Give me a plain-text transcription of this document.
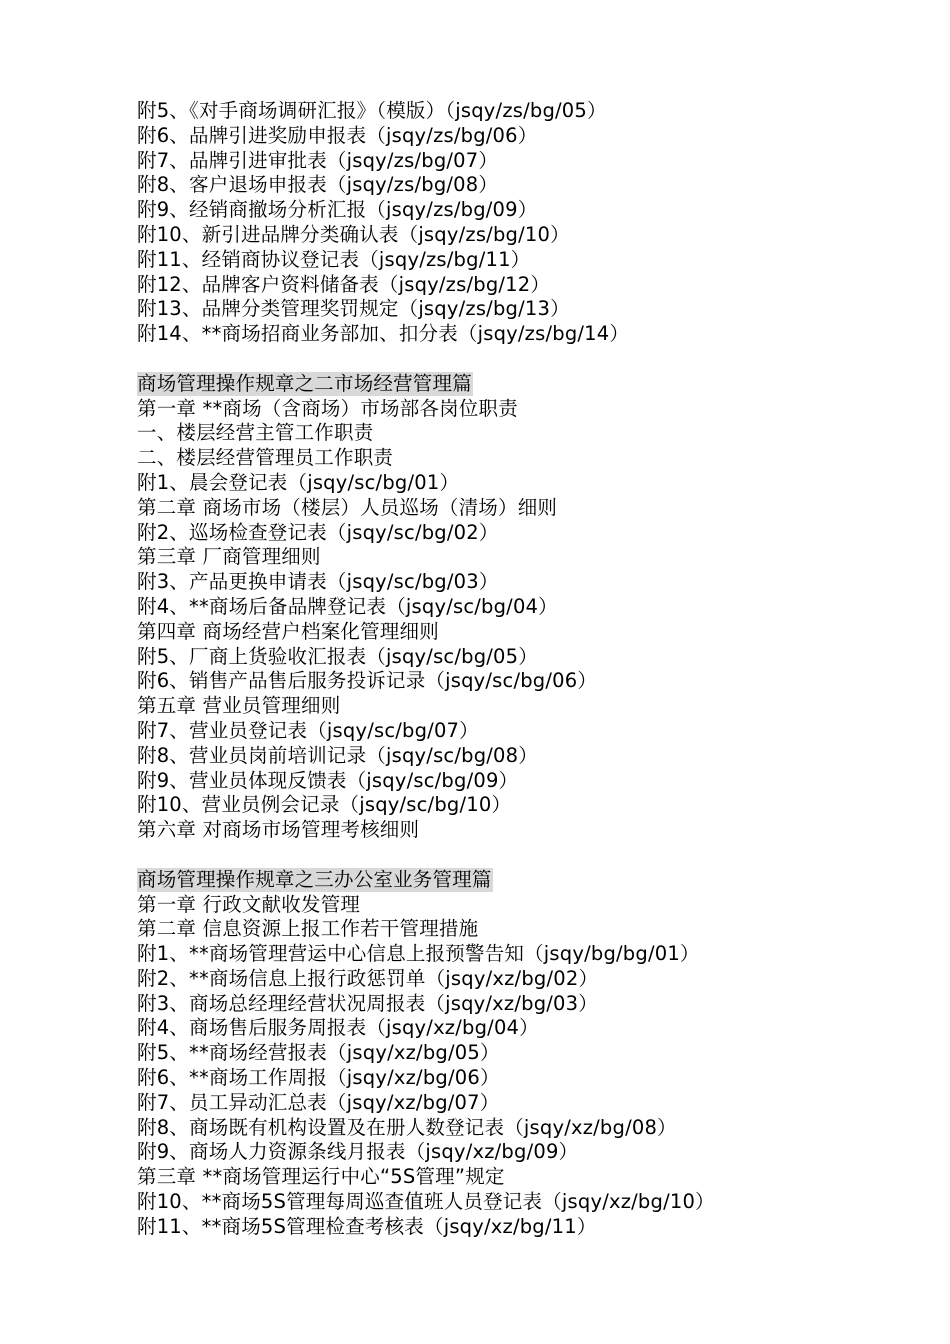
附5、《对手商场调研汇报》（模版）（jsqy/zs/bg/05）
附6、品牌引进奖励申报表（jsqy/zs/bg/06）
附7、品牌引进审批表（jsqy/zs/bg/07）
附8、客户退场申报表（jsqy/zs/bg/08）
附9、经销商撤场分析汇报（jsqy/zs/bg/09）
附10、新引进品牌分类确认表（jsqy/zs/bg/10）
附11、经销商协议登记表（jsqy/zs/bg/11）
附12、品牌客户资料储备表（jsqy/zs/bg/12）
附13、品牌分类管理奖罚规定（jsqy/zs/bg/13）
附14、**商场招商业务部加、扣分表（jsqy/zs/bg/14）
商场管理操作规章之二市场经营管理篇
第一章 **商场（含商场）市场部各岗位职责
一、楼层经营主管工作职责
二、楼层经营管理员工作职责
附1、晨会登记表（jsqy/sc/bg/01）
第二章 商场市场（楼层）人员巡场（清场）细则
附2、巡场检查登记表（jsqy/sc/bg/02）
第三章 厂商管理细则
附3、产品更换申请表（jsqy/sc/bg/03）
附4、**商场后备品牌登记表（jsqy/sc/bg/04）
第四章 商场经营户档案化管理细则
附5、厂商上货验收汇报表（jsqy/sc/bg/05）
附6、销售产品售后服务投诉记录（jsqy/sc/bg/06）
第五章 营业员管理细则
附7、营业员登记表（jsqy/sc/bg/07）
附8、营业员岗前培训记录（jsqy/sc/bg/08）
附9、营业员体现反馈表（jsqy/sc/bg/09）
附10、营业员例会记录（jsqy/sc/bg/10）
第六章 对商场市场管理考核细则
商场管理操作规章之三办公室业务管理篇
第一章 行政文献收发管理
第二章 信息资源上报工作若干管理措施
附1、**商场管理营运中心信息上报预警告知（jsqy/bg/bg/01）
附2、**商场信息上报行政惩罚单（jsqy/xz/bg/02）
附3、商场总经理经营状况周报表（jsqy/xz/bg/03）
附4、商场售后服务周报表（jsqy/xz/bg/04）
附5、**商场经营报表（jsqy/xz/bg/05）
附6、**商场工作周报（jsqy/xz/bg/06）
附7、员工异动汇总表（jsqy/xz/bg/07）
附8、商场既有机构设置及在册人数登记表（jsqy/xz/bg/08）
附9、商场人力资源条线月报表（jsqy/xz/bg/09）
第三章 **商场管理运行中心“5S管理”规定
附10、**商场5S管理每周巡查值班人员登记表（jsqy/xz/bg/10）
附11、**商场5S管理检查考核表（jsqy/xz/bg/11）
